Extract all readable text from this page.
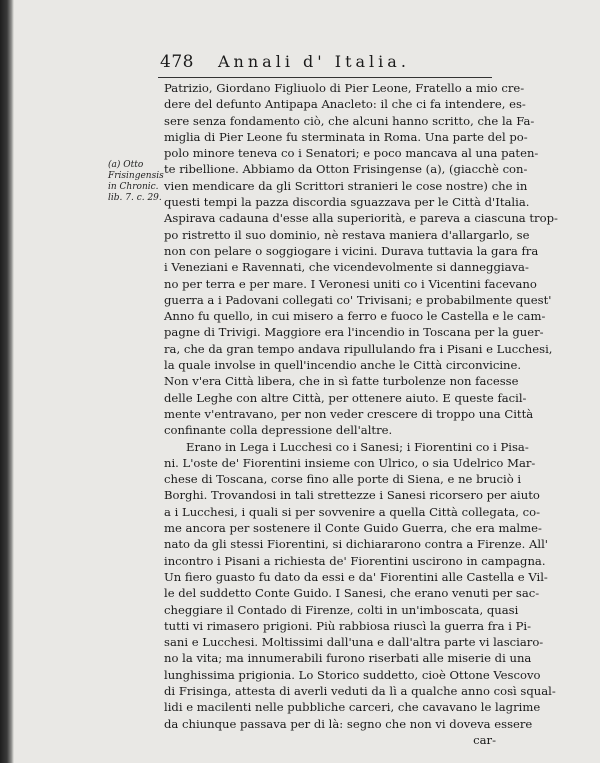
478 Annali d' Italia.
(a) Otto
Frisingensis
in Chronic.
lib. 7. c. 29.
Patrizio, Giordano Figliuolo di Pier Leone, Fratello a mio cre-
dere del defunto Antipapa Anacleto: il che ci fa intendere, es-
sere senza fondamento ciò, che alcuni hanno scritto, che la Fa-
miglia di Pier Leone fu sterminata in Roma. Una parte del po-
polo minore teneva co i Senatori; e poco mancava al una paten-
te ribellione. Abbiamo da Otton Frisingense (a), (giacchè con-
vien mendicare da gli Scrittori stranieri le cose nostre) che in
questi tempi la pazza discordia sguazzava per le Città d'Italia.
Aspirava cadauna d'esse alla superiorità, e pareva a ciascuna trop-
po ristretto il suo dominio, nè restava maniera d'allargarlo, se
non con pelare o soggiogare i vicini. Durava tuttavia la gara fra
i Veneziani e Ravennati, che vicendevolmente si danneggiava-
no per terra e per mare. I Veronesi uniti co i Vicentini facevano
guerra a i Padovani collegati co' Trivisani; e probabilmente quest'
Anno fu quello, in cui misero a ferro e fuoco le Castella e le cam-
pagne di Trivigi. Maggiore era l'incendio in Toscana per la guer-
ra, che da gran tempo andava ripullulando fra i Pisani e Lucchesi,
la quale involse in quell'incendio anche le Città circonvicine.
Non v'era Città libera, che in sì fatte turbolenze non facesse
delle Leghe con altre Città, per ottenere aiuto. E queste facil-
mente v'entravano, per non veder crescere di troppo una Città
confinante colla depressione dell'altre.
Erano in Lega i Lucchesi co i Sanesi; i Fiorentini co i Pisa-
ni. L'oste de' Fiorentini insieme con Ulrico, o sia Udelrico Mar-
chese di Toscana, corse fino alle porte di Siena, e ne bruciò i
Borghi. Trovandosi in tali strettezze i Sanesi ricorsero per aiuto
a i Lucchesi, i quali si per sovvenire a quella Città collegata, co-
me ancora per sostenere il Conte Guido Guerra, che era malme-
nato da gli stessi Fiorentini, si dichiararono contra a Firenze. All'
incontro i Pisani a richiesta de' Fiorentini uscirono in campagna.
Un fiero guasto fu dato da essi e da' Fiorentini alle Castella e Vil-
le del suddetto Conte Guido. I Sanesi, che erano venuti per sac-
cheggiare il Contado di Firenze, colti in un'imboscata, quasi
tutti vi rimasero prigioni. Più rabbiosa riuscì la guerra fra i Pi-
sani e Lucchesi. Moltissimi dall'una e dall'altra parte vi lasciaro-
no la vita; ma innumerabili furono riserbati alle miserie di una
lunghissima prigionia. Lo Storico suddetto, cioè Ottone Vescovo
di Frisinga, attesta di averli veduti da lì a qualche anno così squal-
lidi e macilenti nelle pubbliche carceri, che cavavano le lagrime
da chiunque passava per di là: segno che non vi doveva essere
car-
